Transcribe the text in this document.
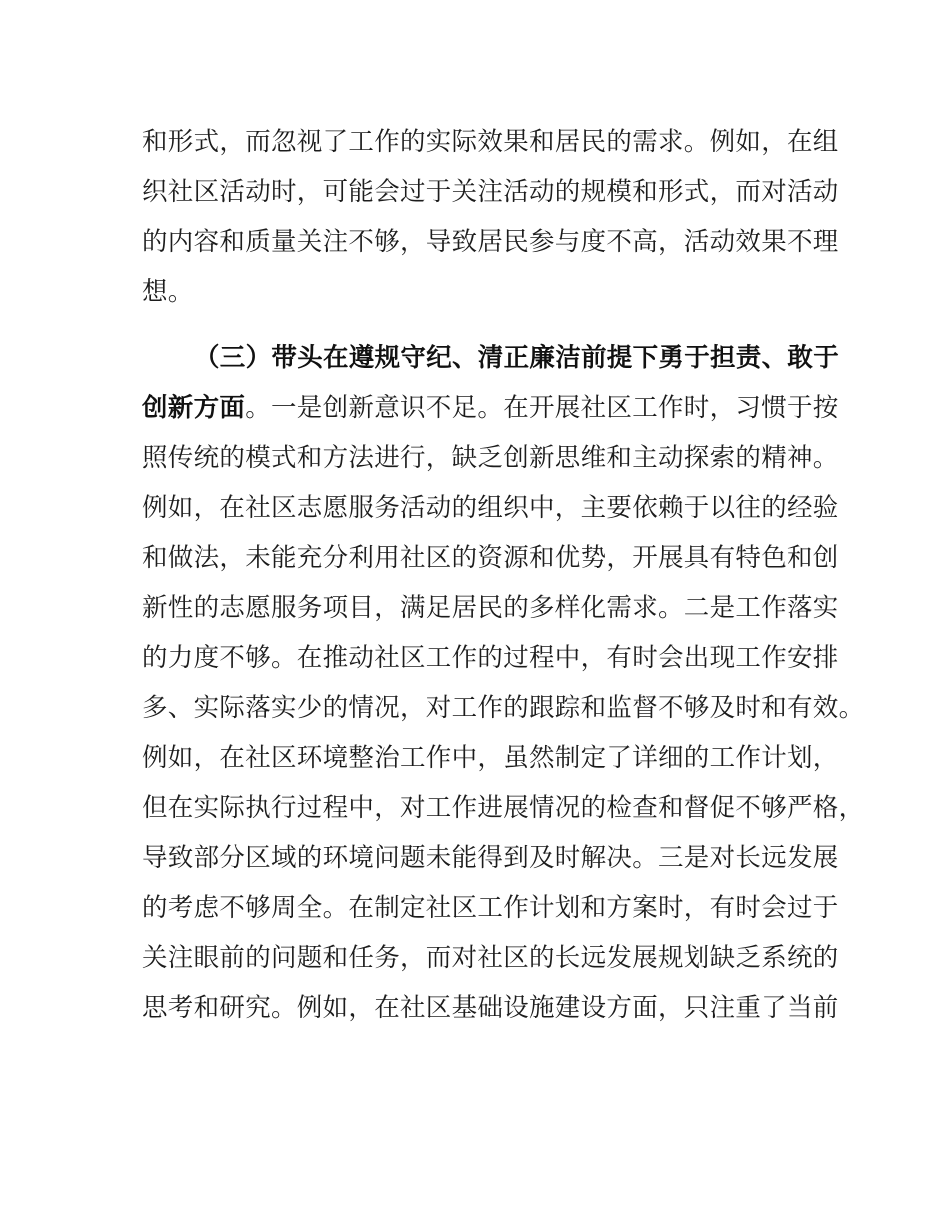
和形式，而忽视了工作的实际效果和居民的需求。例如，在组
织社区活动时，可能会过于关注活动的规模和形式，而对活动
的内容和质量关注不够，导致居民参与度不高，活动效果不理
想。
（三）带头在遵规守纪、清正廉洁前提下勇于担责、敢于
创新方面。一是创新意识不足。在开展社区工作时，习惯于按
照传统的模式和方法进行，缺乏创新思维和主动探索的精神。
例如，在社区志愿服务活动的组织中，主要依赖于以往的经验
和做法，未能充分利用社区的资源和优势，开展具有特色和创
新性的志愿服务项目，满足居民的多样化需求。二是工作落实
的力度不够。在推动社区工作的过程中，有时会出现工作安排
多、实际落实少的情况，对工作的跟踪和监督不够及时和有效。
例如，在社区环境整治工作中，虽然制定了详细的工作计划，
但在实际执行过程中，对工作进展情况的检查和督促不够严格，
导致部分区域的环境问题未能得到及时解决。三是对长远发展
的考虑不够周全。在制定社区工作计划和方案时，有时会过于
关注眼前的问题和任务，而对社区的长远发展规划缺乏系统的
思考和研究。例如，在社区基础设施建设方面，只注重了当前
